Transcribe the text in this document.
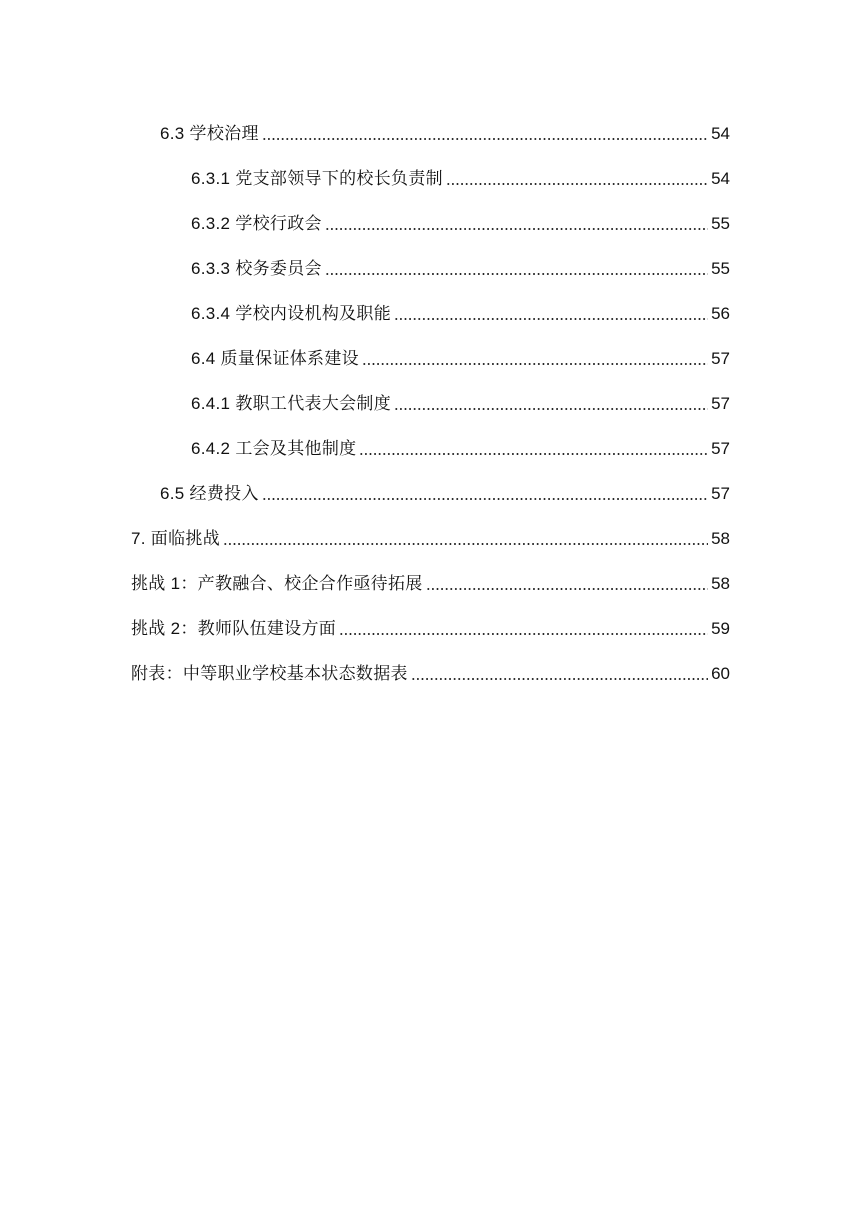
6.3 学校治理	54
6.3.1 党支部领导下的校长负责制	54
6.3.2 学校行政会	55
6.3.3 校务委员会	55
6.3.4 学校内设机构及职能	56
6.4 质量保证体系建设	57
6.4.1 教职工代表大会制度	57
6.4.2 工会及其他制度	57
6.5 经费投入	57
7. 面临挑战	58
挑战 1：产教融合、校企合作亟待拓展	58
挑战 2：教师队伍建设方面	59
附表：中等职业学校基本状态数据表	60
